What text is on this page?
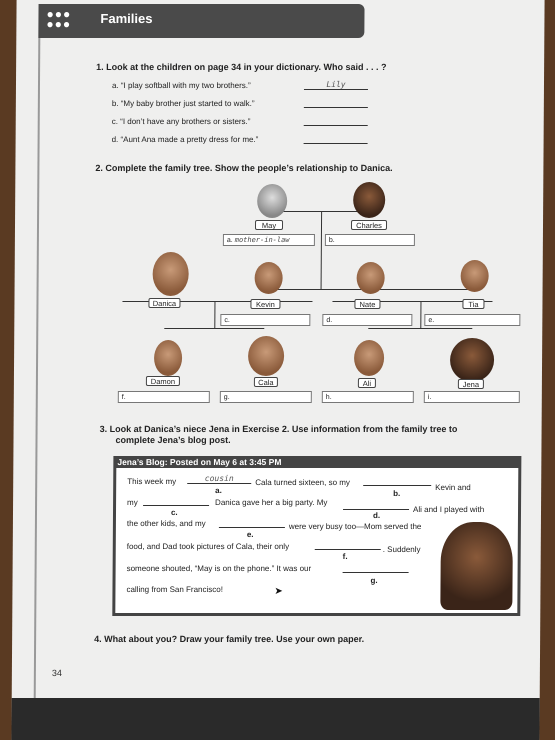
●●●
●●● Families
1. Look at the children on page 34 in your dictionary. Who said . . . ?
a. “I play softball with my two brothers.”	Lily
b. “My baby brother just started to walk.”
c. “I don’t have any brothers or sisters.”
d. “Aunt Ana made a pretty dress for me.”
2. Complete the family tree. Show the people’s relationship to Danica.
May	Charles
a. mother-in-law	b.
Danica	Kevin	Nate	Tia
c.	d.	e.
Damon	Cala	Ali	Jena
f.	g.	h.	i.
3. Look at Danica’s niece Jena in Exercise 2. Use information from the family tree to
complete Jena’s blog post.
Jena’s Blog: Posted on May 6 at 3:45 PM
This week my	cousin
a.
Cala turned sixteen, so my
b.
Kevin and
my
c.
Danica gave her a big party. My
d.
Ali and I played with
the other kids, and my
e.
were very busy too—Mom served the
food, and Dad took pictures of Cala, their only
f.
. Suddenly
someone shouted, “May is on the phone.” It was our
g.
calling from San Francisco!	➤
4. What about you? Draw your family tree. Use your own paper.
34
